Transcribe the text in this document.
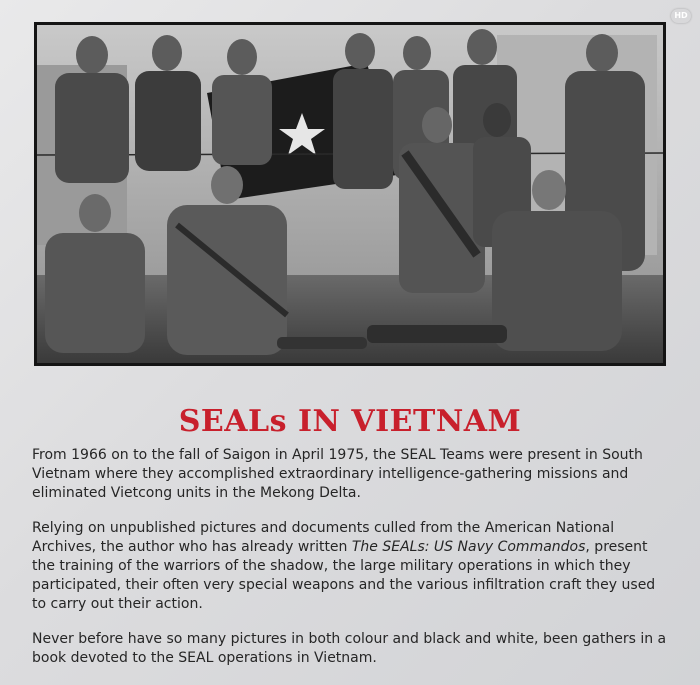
HD
SEALs IN VIETNAM

From 1966 on to the fall of Saigon in April 1975, the SEAL Teams were present in South Vietnam where they accomplished extraordinary intelligence-gathering missions and eliminated Vietcong units in the Mekong Delta.

Relying on unpublished pictures and documents culled from the American National Archives, the author who has already written The SEALs: US Navy Commandos, present the training of the warriors of the shadow, the large military operations in which they participated, their often very special weapons and the various infiltration craft they used to carry out their action.

Never before have so many pictures in both colour and black and white, been gathers in a book devoted to the SEAL operations in Vietnam.
